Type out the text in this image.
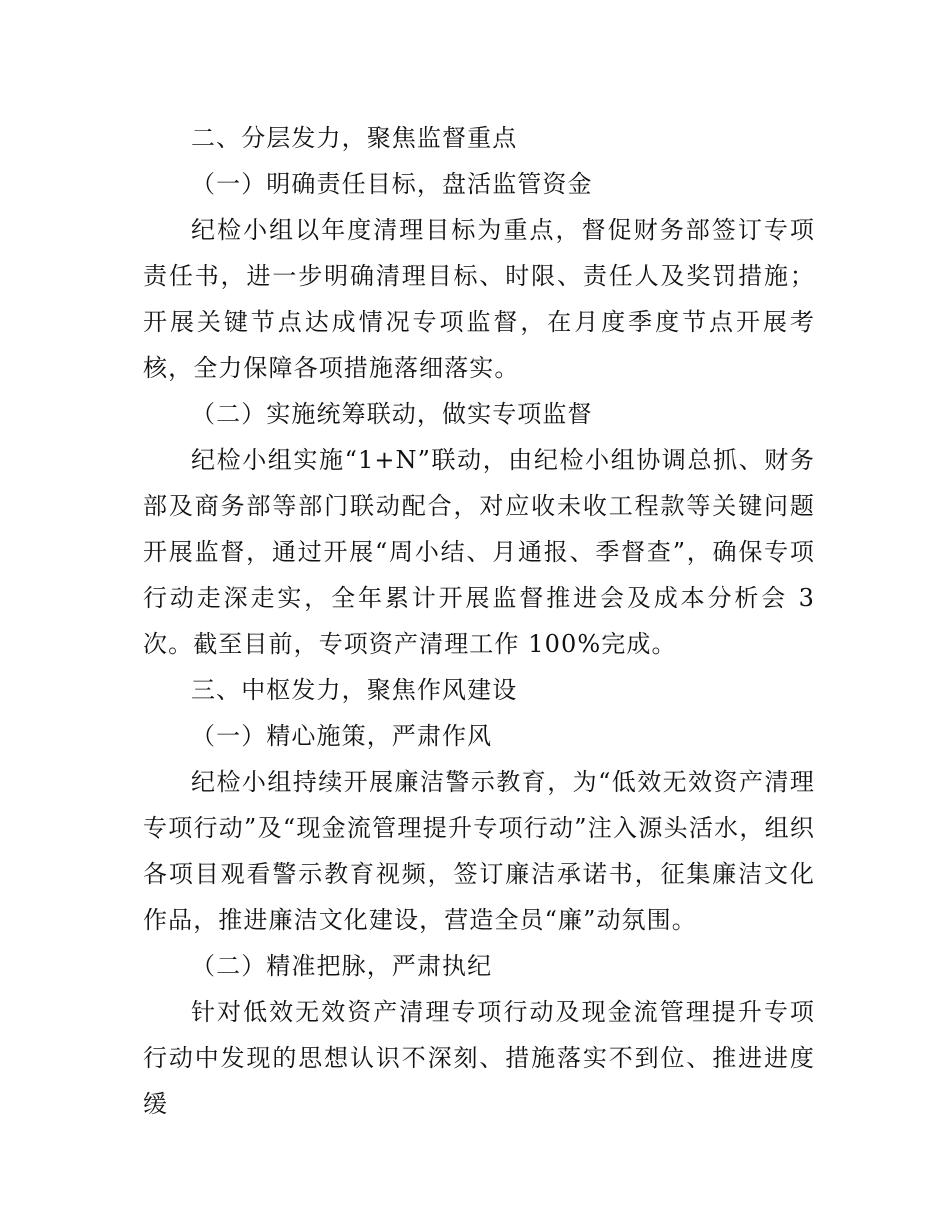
二、分层发力，聚焦监督重点

（一）明确责任目标，盘活监管资金

纪检小组以年度清理目标为重点，督促财务部签订专项责任书，进一步明确清理目标、时限、责任人及奖罚措施；开展关键节点达成情况专项监督，在月度季度节点开展考核，全力保障各项措施落细落实。

（二）实施统筹联动，做实专项监督

纪检小组实施“1+N”联动，由纪检小组协调总抓、财务部及商务部等部门联动配合，对应收未收工程款等关键问题开展监督，通过开展“周小结、月通报、季督查”，确保专项行动走深走实，全年累计开展监督推进会及成本分析会 3 次。截至目前，专项资产清理工作 100%完成。

三、中枢发力，聚焦作风建设

（一）精心施策，严肃作风

纪检小组持续开展廉洁警示教育，为“低效无效资产清理专项行动”及“现金流管理提升专项行动”注入源头活水，组织各项目观看警示教育视频，签订廉洁承诺书，征集廉洁文化作品，推进廉洁文化建设，营造全员“廉”动氛围。

（二）精准把脉，严肃执纪

针对低效无效资产清理专项行动及现金流管理提升专项行动中发现的思想认识不深刻、措施落实不到位、推进进度缓
